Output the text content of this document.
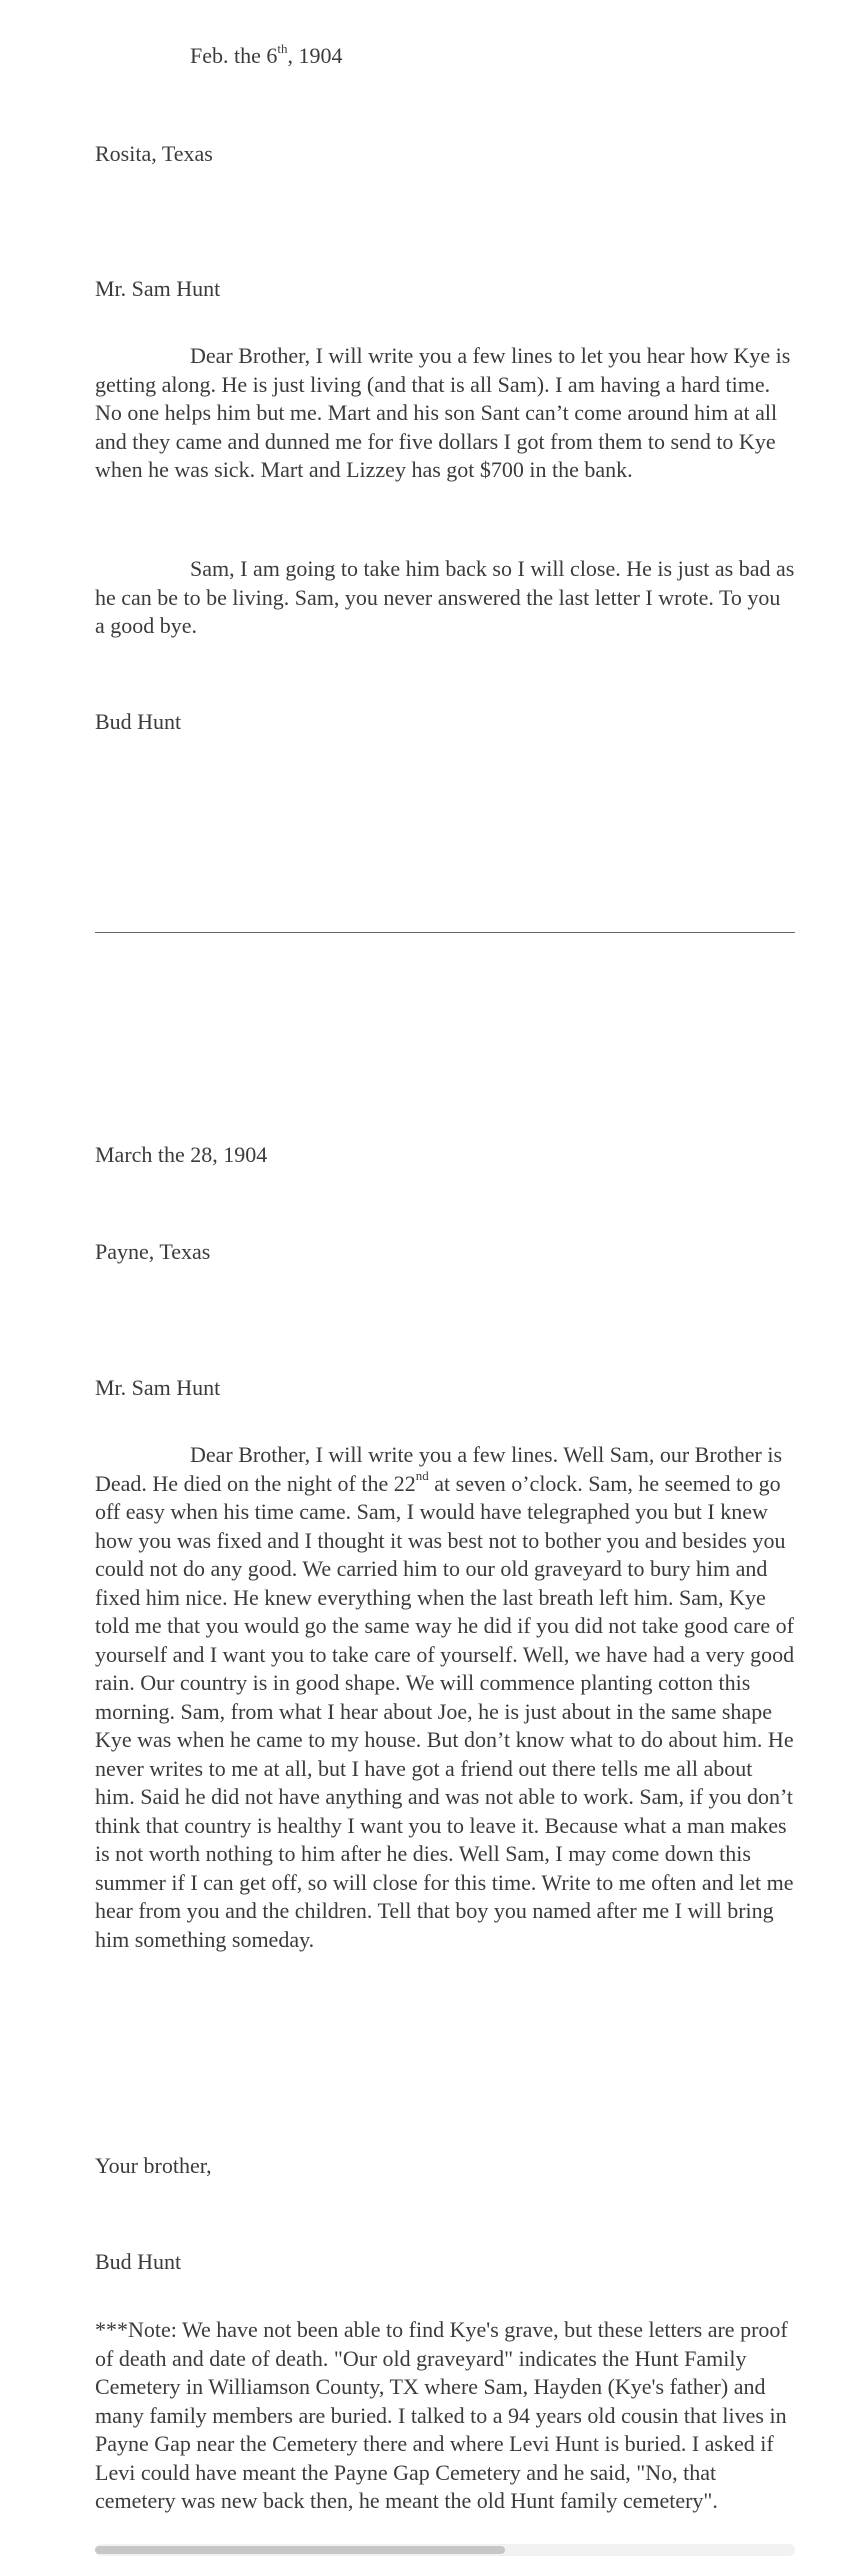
Feb. the 6th, 1904

Rosita, Texas

Mr. Sam Hunt

Dear Brother, I will write you a few lines to let you hear how Kye is getting along. He is just living (and that is all Sam). I am having a hard time. No one helps him but me. Mart and his son Sant can’t come around him at all and they came and dunned me for five dollars I got from them to send to Kye when he was sick. Mart and Lizzey has got $700 in the bank.

Sam, I am going to take him back so I will close. He is just as bad as he can be to be living. Sam, you never answered the last letter I wrote. To you a good bye.

Bud Hunt

March the 28, 1904

Payne, Texas

Mr. Sam Hunt

Dear Brother, I will write you a few lines. Well Sam, our Brother is Dead. He died on the night of the 22nd at seven o’clock. Sam, he seemed to go off easy when his time came. Sam, I would have telegraphed you but I knew how you was fixed and I thought it was best not to bother you and besides you could not do any good. We carried him to our old graveyard to bury him and fixed him nice. He knew everything when the last breath left him. Sam, Kye told me that you would go the same way he did if you did not take good care of yourself and I want you to take care of yourself. Well, we have had a very good rain. Our country is in good shape. We will commence planting cotton this morning. Sam, from what I hear about Joe, he is just about in the same shape Kye was when he came to my house. But don’t know what to do about him. He never writes to me at all, but I have got a friend out there tells me all about him. Said he did not have anything and was not able to work. Sam, if you don’t think that country is healthy I want you to leave it. Because what a man makes is not worth nothing to him after he dies. Well Sam, I may come down this summer if I can get off, so will close for this time. Write to me often and let me hear from you and the children. Tell that boy you named after me I will bring him something someday.

Your brother,

Bud Hunt

***Note: We have not been able to find Kye's grave, but these letters are proof of death and date of death. "Our old graveyard" indicates the Hunt Family Cemetery in Williamson County, TX where Sam, Hayden (Kye's father) and many family members are buried. I talked to a 94 years old cousin that lives in Payne Gap near the Cemetery there and where Levi Hunt is buried. I asked if Levi could have meant the Payne Gap Cemetery and he said, "No, that cemetery was new back then, he meant the old Hunt family cemetery".
